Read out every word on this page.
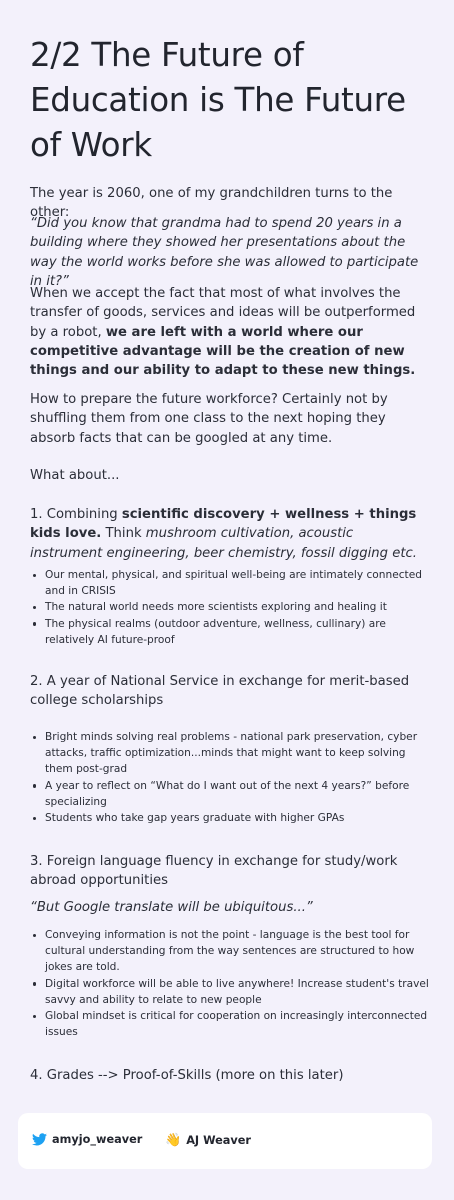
2/2 The Future of Education is The Future of Work

The year is 2060, one of my grandchildren turns to the other:

“Did you know that grandma had to spend 20 years in a building where they showed her presentations about the way the world works before she was allowed to participate in it?”

When we accept the fact that most of what involves the transfer of goods, services and ideas will be outperformed by a robot, we are left with a world where our competitive advantage will be the creation of new things and our ability to adapt to these new things.

How to prepare the future workforce? Certainly not by shuffling them from one class to the next hoping they absorb facts that can be googled at any time.

What about...

1. Combining scientific discovery + wellness + things kids love. Think mushroom cultivation, acoustic instrument engineering, beer chemistry, fossil digging etc.

Our mental, physical, and spiritual well-being are intimately connected and in CRISIS
The natural world needs more scientists exploring and healing it
The physical realms (outdoor adventure, wellness, cullinary) are relatively AI future-proof

2. A year of National Service in exchange for merit-based college scholarships

Bright minds solving real problems - national park preservation, cyber attacks, traffic optimization...minds that might want to keep solving them post-grad
A year to reflect on “What do I want out of the next 4 years?” before specializing
Students who take gap years graduate with higher GPAs

3. Foreign language fluency in exchange for study/work abroad opportunities

“But Google translate will be ubiquitous...”

Conveying information is not the point - language is the best tool for cultural understanding from the way sentences are structured to how jokes are told.
Digital workforce will be able to live anywhere! Increase student's travel savvy and ability to relate to new people
Global mindset is critical for cooperation on increasingly interconnected issues

4. Grades --> Proof-of-Skills (more on this later)

amyjo_weaver 👋 AJ Weaver
